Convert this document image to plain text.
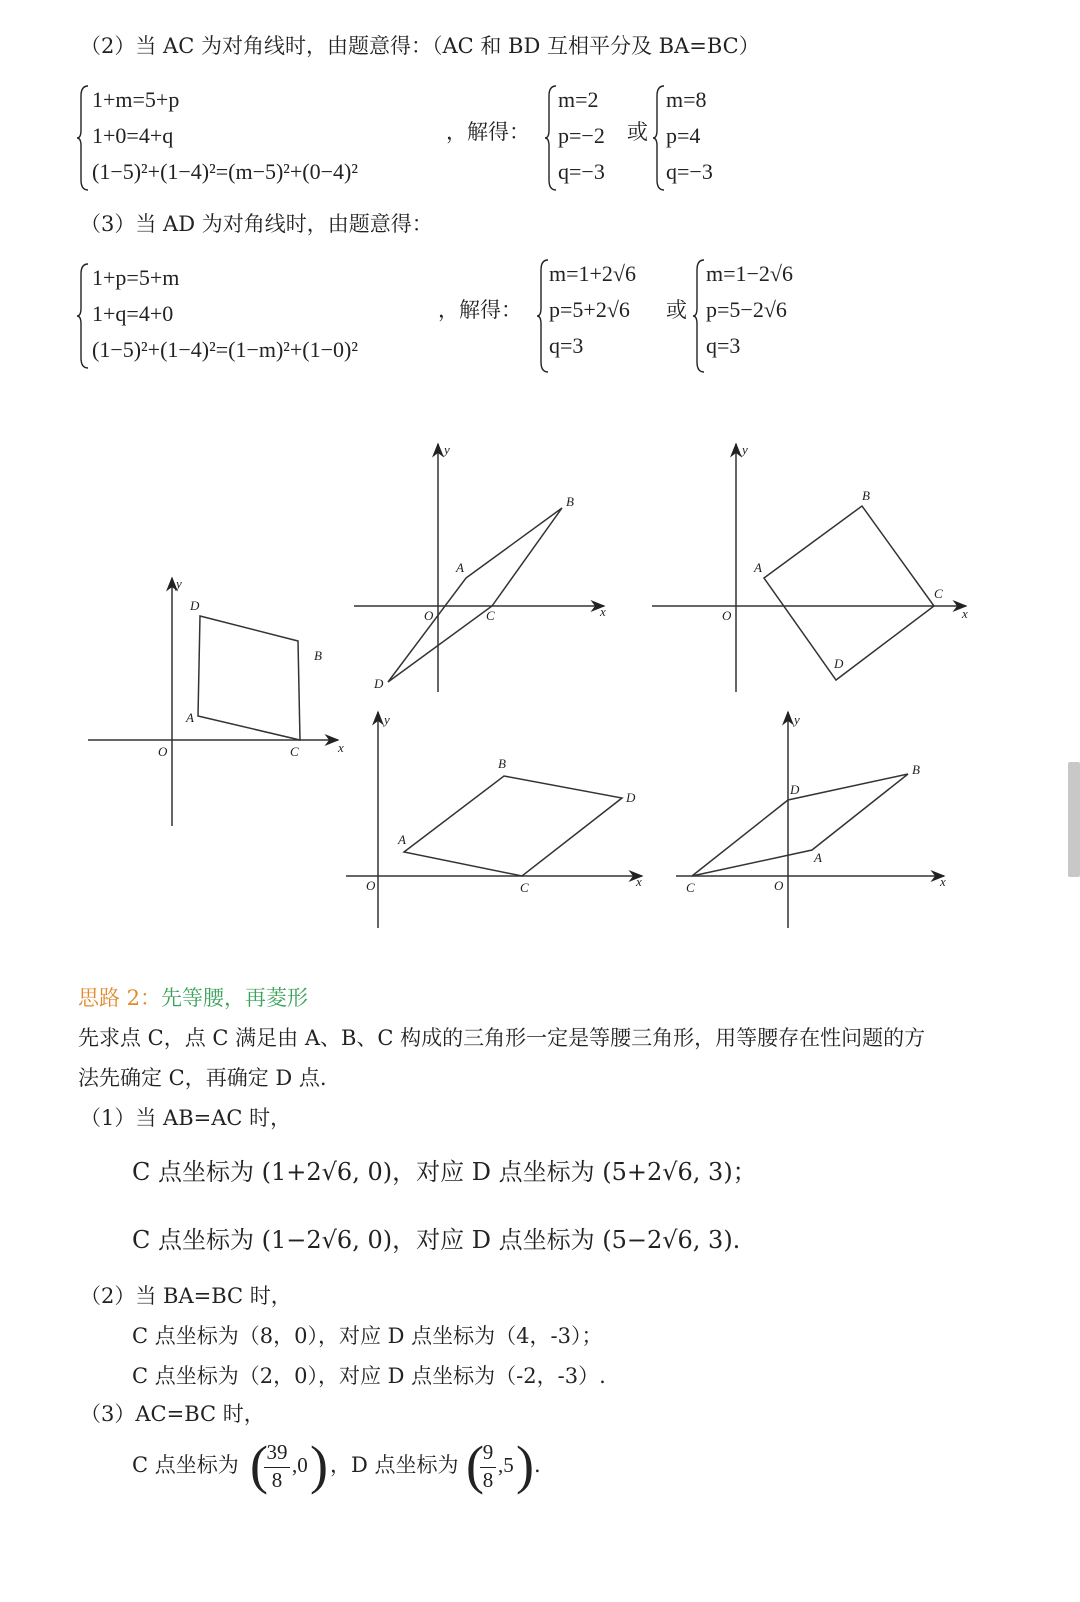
（2）当 AC 为对角线时，由题意得：（AC 和 BD 互相平分及 BA=BC）
1+m=5+p
1+0=4+q
(1−5)²+(1−4)²=(m−5)²+(0−4)²
，解得：
m=2
p=−2
q=−3
或
m=8
p=4
q=−3
（3）当 AD 为对角线时，由题意得：
1+p=5+m
1+q=4+0
(1−5)²+(1−4)²=(1−m)²+(1−0)²
，解得：
m=1+2√6
p=5+2√6
q=3
或
m=1−2√6
p=5−2√6
q=3
y
x
O
A
B
C
D
y
x
O
A
B
C
D
y
x
O
A
B
C
D
y
x
O
A
B
C
D
y
x
O
A
B
C
D
思路 2：先等腰，再菱形
先求点 C，点 C 满足由 A、B、C 构成的三角形一定是等腰三角形，用等腰存在性问题的方
法先确定 C，再确定 D 点.
（1）当 AB=AC 时，
C 点坐标为 (1+2√6, 0)，对应 D 点坐标为 (5+2√6, 3)；
C 点坐标为 (1−2√6, 0)，对应 D 点坐标为 (5−2√6, 3).
（2）当 BA=BC 时，
C 点坐标为（8，0），对应 D 点坐标为（4，-3）；
C 点坐标为（2，0），对应 D 点坐标为（-2，-3）.
（3）AC=BC 时，
C 点坐标为 (
$\frac{39}{8} ,0$ ) ，D 点坐标为 (
$\frac{9}{8} ,5$ ) .
